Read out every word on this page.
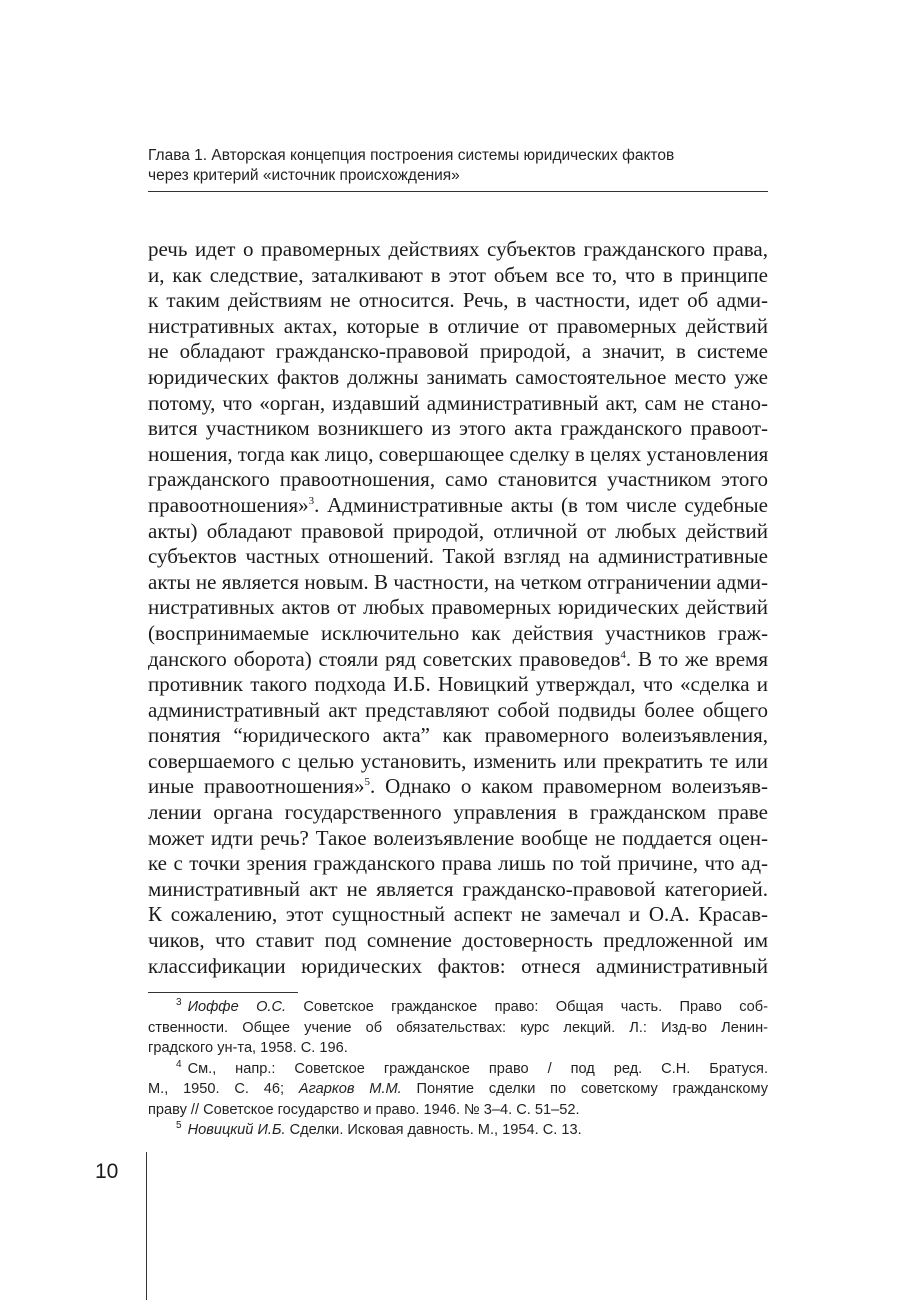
Глава 1. Авторская концепция построения системы юридических фактов
через критерий «источник происхождения»
речь идет о правомерных действиях субъектов гражданского права,
и, как следствие, заталкивают в этот объем все то, что в принципе
к таким действиям не относится. Речь, в частности, идет об адми-
нистративных актах, которые в отличие от правомерных действий
не обладают гражданско-правовой природой, а значит, в системе
юридических фактов должны занимать самостоятельное место уже
потому, что «орган, издавший административный акт, сам не стано-
вится участником возникшего из этого акта гражданского правоот-
ношения, тогда как лицо, совершающее сделку в целях установления
гражданского правоотношения, само становится участником этого
правоотношения»$^3$. Административные акты (в том числе судебные
акты) обладают правовой природой, отличной от любых действий
субъектов частных отношений. Такой взгляд на административные
акты не является новым. В частности, на четком отграничении адми-
нистративных актов от любых правомерных юридических действий
(воспринимаемые исключительно как действия участников граж-
данского оборота) стояли ряд советских правоведов$^4$. В то же время
противник такого подхода И.Б. Новицкий утверждал, что «сделка и
административный акт представляют собой подвиды более общего
понятия “юридического акта” как правомерного волеизъявления,
совершаемого с целью установить, изменить или прекратить те или
иные правоотношения»$^5$. Однако о каком правомерном волеизъяв-
лении органа государственного управления в гражданском праве
может идти речь? Такое волеизъявление вообще не поддается оцен-
ке с точки зрения гражданского права лишь по той причине, что ад-
министративный акт не является гражданско-правовой категорией.
К сожалению, этот сущностный аспект не замечал и О.А. Красав-
чиков, что ставит под сомнение достоверность предложенной им
классификации юридических фактов: отнеся административный
$^3$ Иоффе О.С. Советское гражданское право: Общая часть. Право соб-
ственности. Общее учение об обязательствах: курс лекций. Л.: Изд-во Ленин-
градского ун-та, 1958. С. 196.
$^4$ См., напр.: Советское гражданское право / под ред. С.Н. Братуся.
М., 1950. С. 46; Агарков М.М. Понятие сделки по советскому гражданскому
праву // Советское государство и право. 1946. № 3–4. С. 51–52.
$^5$ Новицкий И.Б. Сделки. Исковая давность. М., 1954. С. 13.
10
